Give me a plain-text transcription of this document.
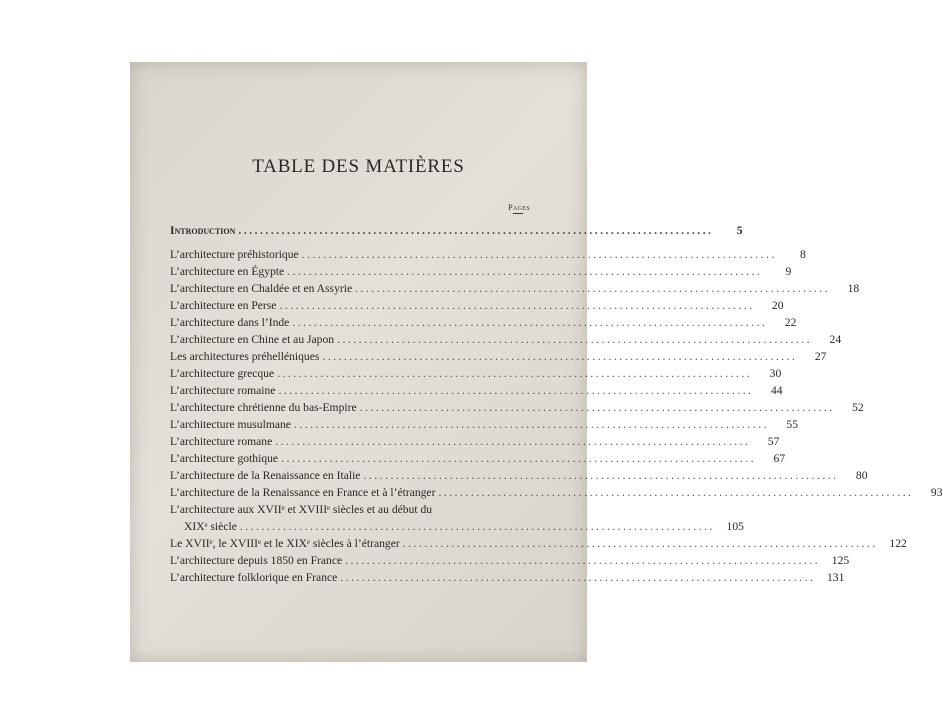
TABLE DES MATIÈRES
Pages
Introduction ........................................................................................	5
L’architecture préhistorique ........................................................................................	8
L’architecture en Égypte ........................................................................................	9
L’architecture en Chaldée et en Assyrie ........................................................................................	18
L’architecture en Perse ........................................................................................	20
L’architecture dans l’Inde ........................................................................................	22
L’architecture en Chine et au Japon ........................................................................................	24
Les architectures préhelléniques ........................................................................................	27
L’architecture grecque ........................................................................................	30
L’architecture romaine ........................................................................................	44
L’architecture chrétienne du bas-Empire ........................................................................................	52
L’architecture musulmane ........................................................................................	55
L’architecture romane ........................................................................................	57
L’architecture gothique ........................................................................................	67
L’architecture de la Renaissance en Italie ........................................................................................	80
L’architecture de la Renaissance en France et à l’étranger ........................................................................................	93
L’architecture aux XVIIᵉ et XVIIIᵉ siècles et au début du
XIXᵉ siècle ........................................................................................	105
Le XVIIᵉ, le XVIIIᵉ et le XIXᵉ siècles à l’étranger ........................................................................................	122
L’architecture depuis 1850 en France ........................................................................................	125
L’architecture folklorique en France ........................................................................................	131
